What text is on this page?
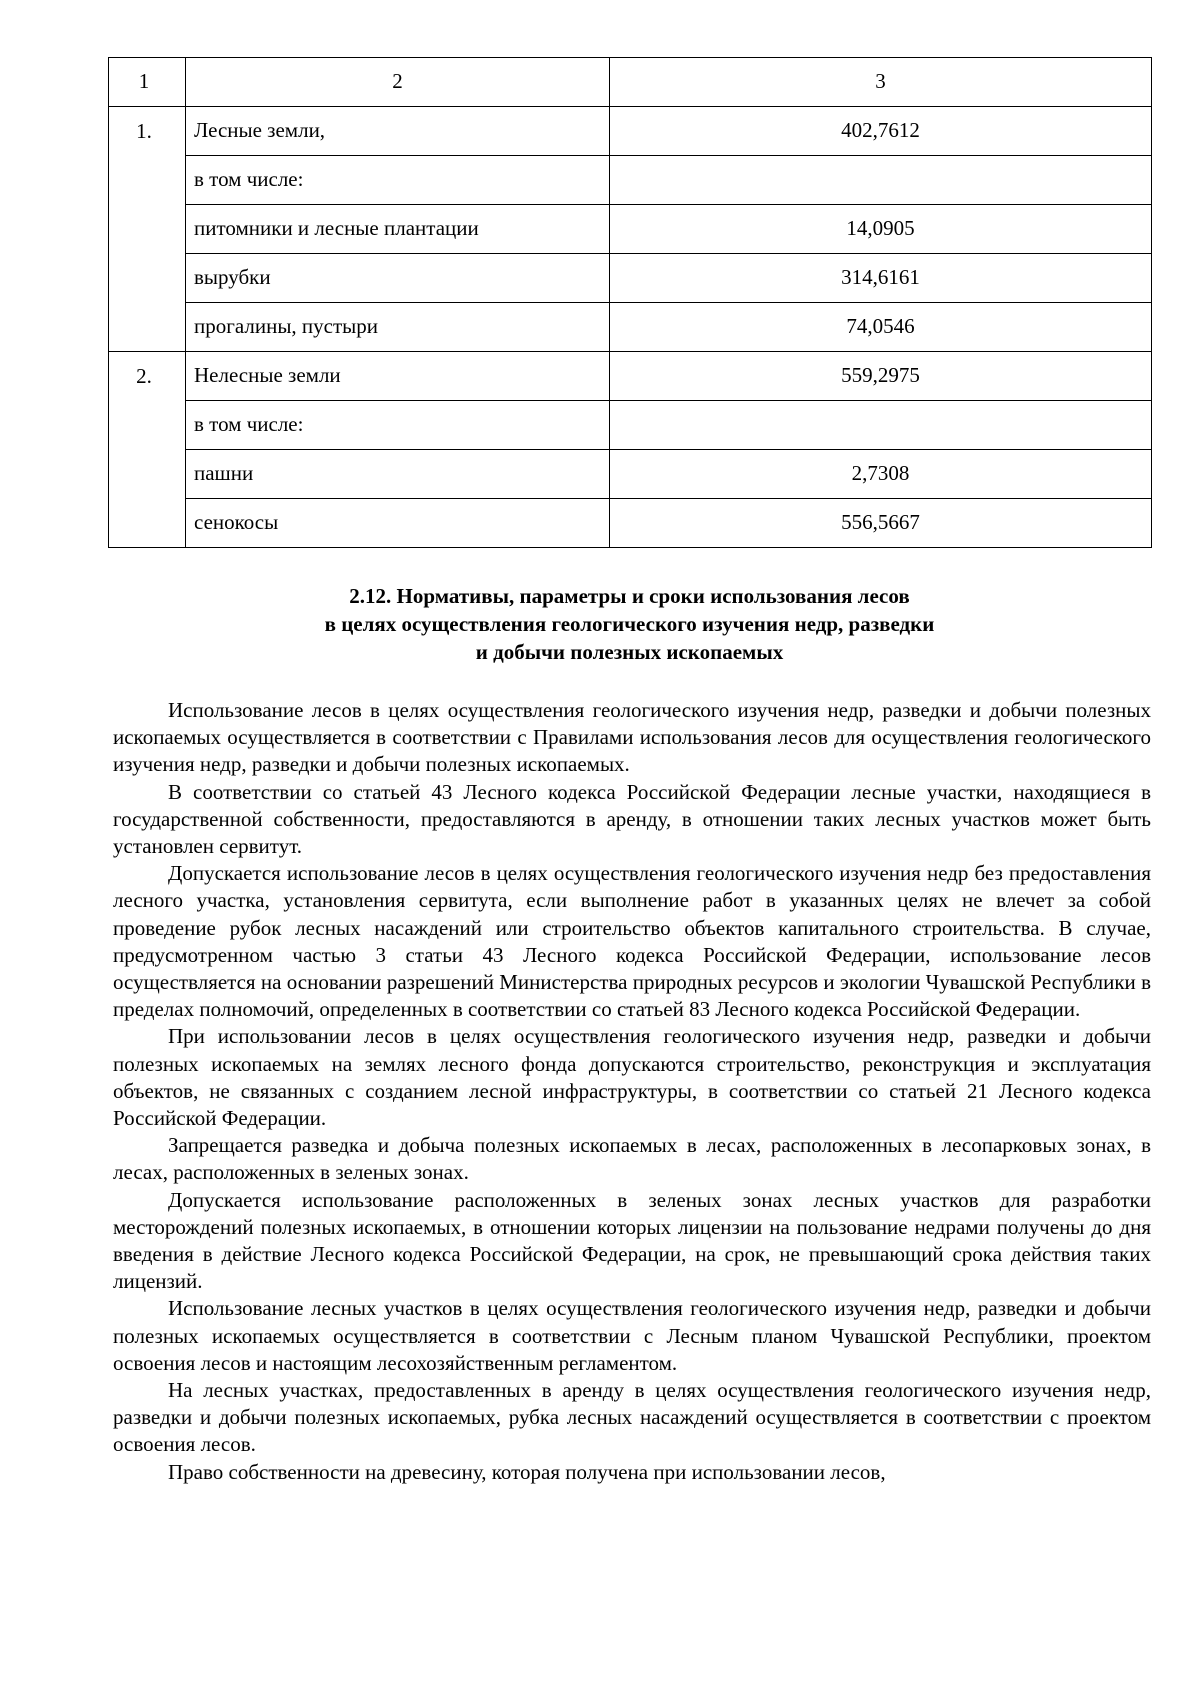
1	2	3
1.	Лесные земли,	402,7612
	в том числе:	
	питомники и лесные плантации	14,0905
	вырубки	314,6161
	прогалины, пустыри	74,0546
2.	Нелесные земли	559,2975
	в том числе:	
	пашни	2,7308
	сенокосы	556,5667
2.12. Нормативы, параметры и сроки использования лесов
в целях осуществления геологического изучения недр, разведки
и добычи полезных ископаемых

Использование лесов в целях осуществления геологического изучения недр, разведки и добычи полезных ископаемых осуществляется в соответствии с Правилами использования лесов для осуществления геологического изучения недр, разведки и добычи полезных ископаемых.

В соответствии со статьей 43 Лесного кодекса Российской Федерации лесные участки, находящиеся в государственной собственности, предоставляются в аренду, в отношении таких лесных участков может быть установлен сервитут.

Допускается использование лесов в целях осуществления геологического изучения недр без предоставления лесного участка, установления сервитута, если выполнение работ в указанных целях не влечет за собой проведение рубок лесных насаждений или строительство объектов капитального строительства. В случае, предусмотренном частью 3 статьи 43 Лесного кодекса Российской Федерации, использование лесов осуществляется на основании разрешений Министерства природных ресурсов и экологии Чувашской Республики в пределах полномочий, определенных в соответствии со статьей 83 Лесного кодекса Российской Федерации.

При использовании лесов в целях осуществления геологического изучения недр, разведки и добычи полезных ископаемых на землях лесного фонда допускаются строительство, реконструкция и эксплуатация объектов, не связанных с созданием лесной инфраструктуры, в соответствии со статьей 21 Лесного кодекса Российской Федерации.

Запрещается разведка и добыча полезных ископаемых в лесах, расположенных в лесопарковых зонах, в лесах, расположенных в зеленых зонах.

Допускается использование расположенных в зеленых зонах лесных участков для разработки месторождений полезных ископаемых, в отношении которых лицензии на пользование недрами получены до дня введения в действие Лесного кодекса Российской Федерации, на срок, не превышающий срока действия таких лицензий.

Использование лесных участков в целях осуществления геологического изучения недр, разведки и добычи полезных ископаемых осуществляется в соответствии с Лесным планом Чувашской Республики, проектом освоения лесов и настоящим лесохозяйственным регламентом.

На лесных участках, предоставленных в аренду в целях осуществления геологического изучения недр, разведки и добычи полезных ископаемых, рубка лесных насаждений осуществляется в соответствии с проектом освоения лесов.

Право собственности на древесину, которая получена при использовании лесов,
